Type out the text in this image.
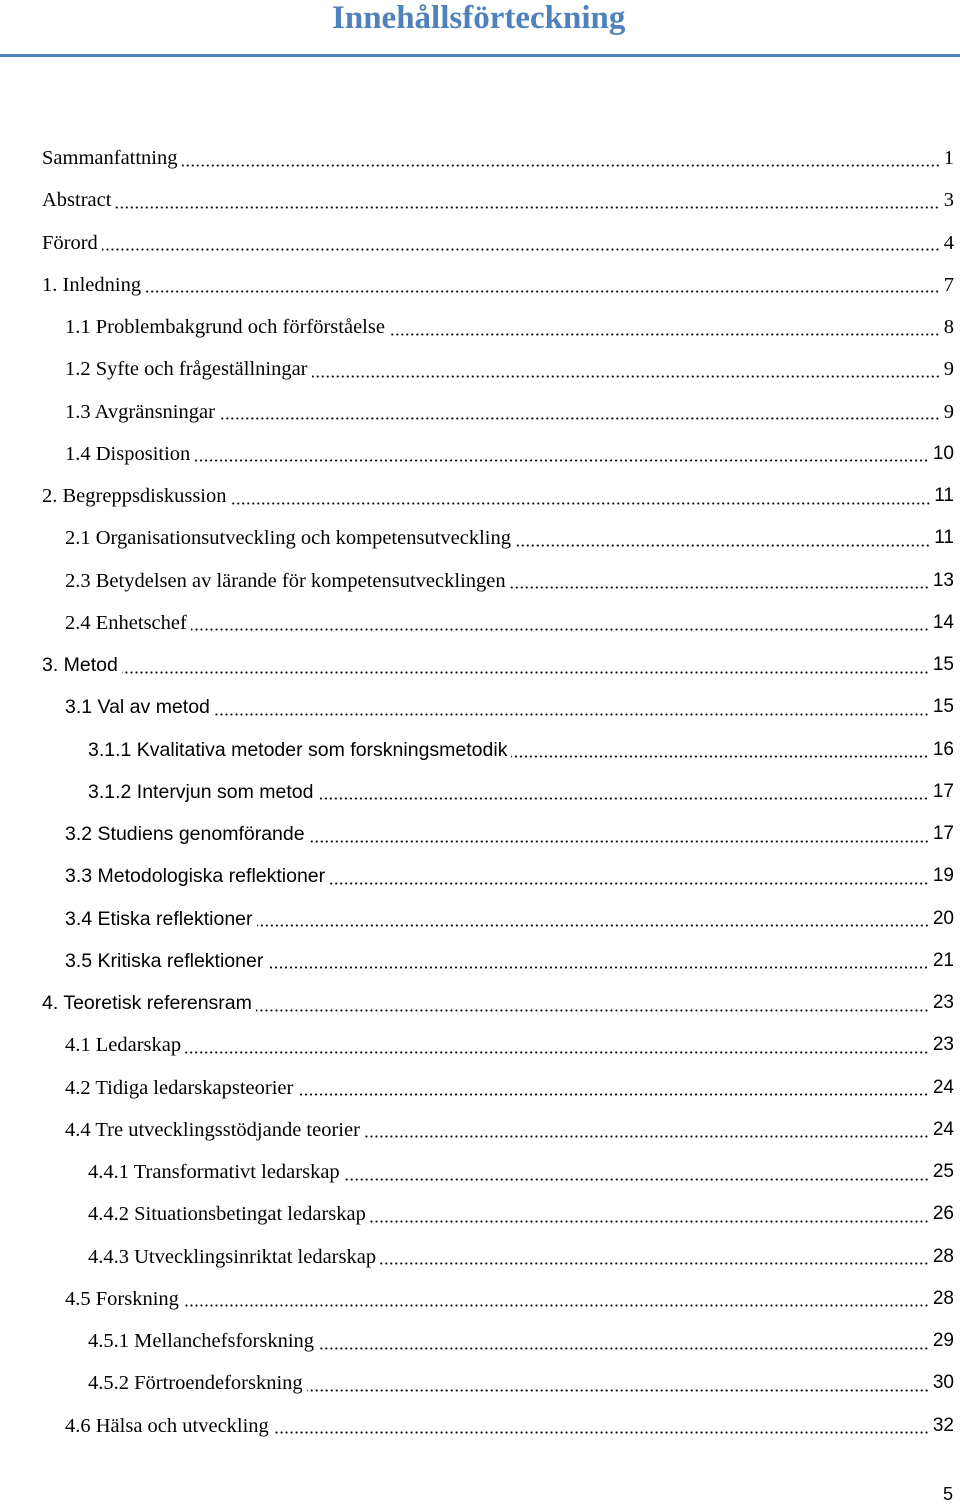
Innehållsförteckning
Sammanfattning	1
Abstract	3
Förord	4
1. Inledning	7
1.1 Problembakgrund och förförståelse	8
1.2 Syfte och frågeställningar	9
1.3 Avgränsningar	9
1.4 Disposition	10
2. Begreppsdiskussion	11
2.1 Organisationsutveckling och kompetensutveckling	11
2.3 Betydelsen av lärande för kompetensutvecklingen	13
2.4 Enhetschef	14
3. Metod	15
3.1 Val av metod	15
3.1.1 Kvalitativa metoder som forskningsmetodik	16
3.1.2 Intervjun som metod	17
3.2 Studiens genomförande	17
3.3 Metodologiska reflektioner	19
3.4 Etiska reflektioner	20
3.5 Kritiska reflektioner	21
4. Teoretisk referensram	23
4.1 Ledarskap	23
4.2 Tidiga ledarskapsteorier	24
4.4 Tre utvecklingsstödjande teorier	24
4.4.1 Transformativt ledarskap	25
4.4.2 Situationsbetingat ledarskap	26
4.4.3 Utvecklingsinriktat ledarskap	28
4.5 Forskning	28
4.5.1 Mellanchefsforskning	29
4.5.2 Förtroendeforskning	30
4.6 Hälsa och utveckling	32
5
